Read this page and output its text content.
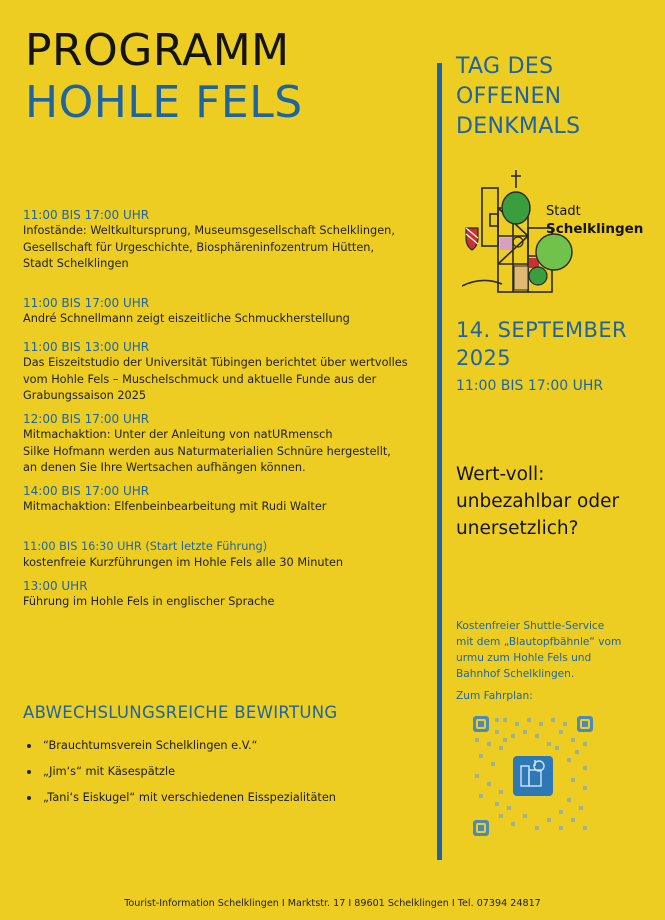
PROGRAMM
HOHLE FELS
11:00 BIS 17:00 UHR
Infostände: Weltkultursprung, Museumsgesellschaft Schelklingen,
Gesellschaft für Urgeschichte, Biosphäreninfozentrum Hütten,
Stadt Schelklingen
11:00 BIS 17:00 UHR
André Schnellmann zeigt eiszeitliche Schmuckherstellung
11:00 BIS 13:00 UHR
Das Eiszeitstudio der Universität Tübingen berichtet über wertvolles
vom Hohle Fels – Muschelschmuck und aktuelle Funde aus der
Grabungssaison 2025
12:00 BIS 17:00 UHR
Mitmachaktion: Unter der Anleitung von natURmensch
Silke Hofmann werden aus Naturmaterialien Schnüre hergestellt,
an denen Sie Ihre Wertsachen aufhängen können.
14:00 BIS 17:00 UHR
Mitmachaktion: Elfenbeinbearbeitung mit Rudi Walter
11:00 BIS 16:30 UHR (Start letzte Führung)
kostenfreie Kurzführungen im Hohle Fels alle 30 Minuten
13:00 UHR
Führung im Hohle Fels in englischer Sprache
ABWECHSLUNGSREICHE BEWIRTUNG
“Brauchtumsverein Schelklingen e.V.“
„Jim‘s“ mit Käsespätzle
„Tani‘s Eiskugel“ mit verschiedenen Eisspezialitäten
TAG DES
OFFENEN
DENKMALS
Stadt
Schelklingen
14. SEPTEMBER
2025
11:00 BIS 17:00 UHR
Wert-voll:
unbezahlbar oder
unersetzlich?
Kostenfreier Shuttle-Service
mit dem „Blautopfbähnle“ vom
urmu zum Hohle Fels und
Bahnhof Schelklingen.
Zum Fahrplan:
Tourist-Information Schelklingen I Marktstr. 17 I 89601 Schelklingen I Tel. 07394 24817
